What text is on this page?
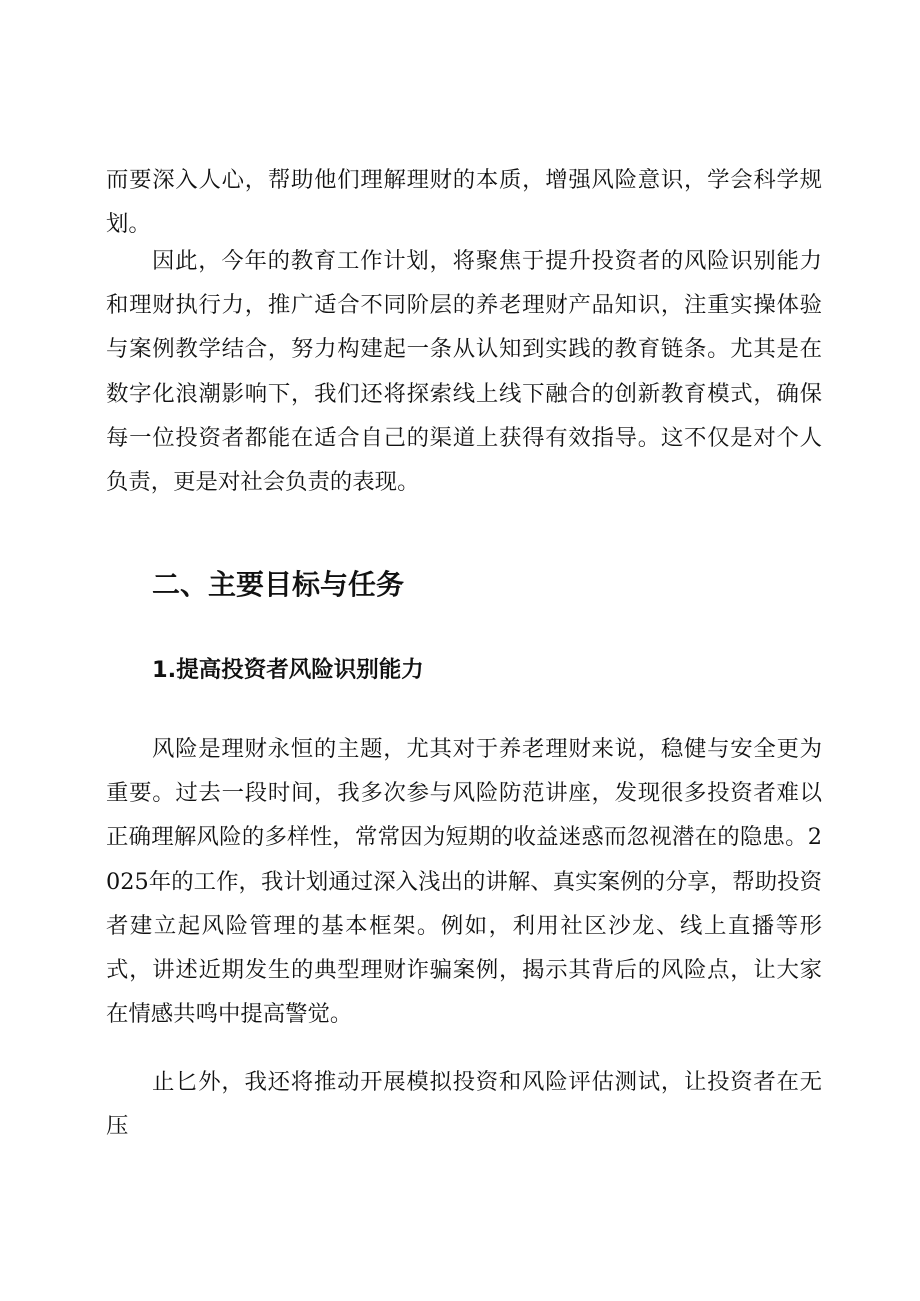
而要深入人心，帮助他们理解理财的本质，增强风险意识，学会科学规划。

因此，今年的教育工作计划，将聚焦于提升投资者的风险识别能力和理财执行力，推广适合不同阶层的养老理财产品知识，注重实操体验与案例教学结合，努力构建起一条从认知到实践的教育链条。尤其是在数字化浪潮影响下，我们还将探索线上线下融合的创新教育模式，确保每一位投资者都能在适合自己的渠道上获得有效指导。这不仅是对个人负责，更是对社会负责的表现。

二、主要目标与任务
1.提高投资者风险识别能力

风险是理财永恒的主题，尤其对于养老理财来说，稳健与安全更为重要。过去一段时间，我多次参与风险防范讲座，发现很多投资者难以正确理解风险的多样性，常常因为短期的收益迷惑而忽视潜在的隐患。2025年的工作，我计划通过深入浅出的讲解、真实案例的分享，帮助投资者建立起风险管理的基本框架。例如，利用社区沙龙、线上直播等形式，讲述近期发生的典型理财诈骗案例，揭示其背后的风险点，让大家在情感共鸣中提高警觉。

止匕外，我还将推动开展模拟投资和风险评估测试，让投资者在无压
